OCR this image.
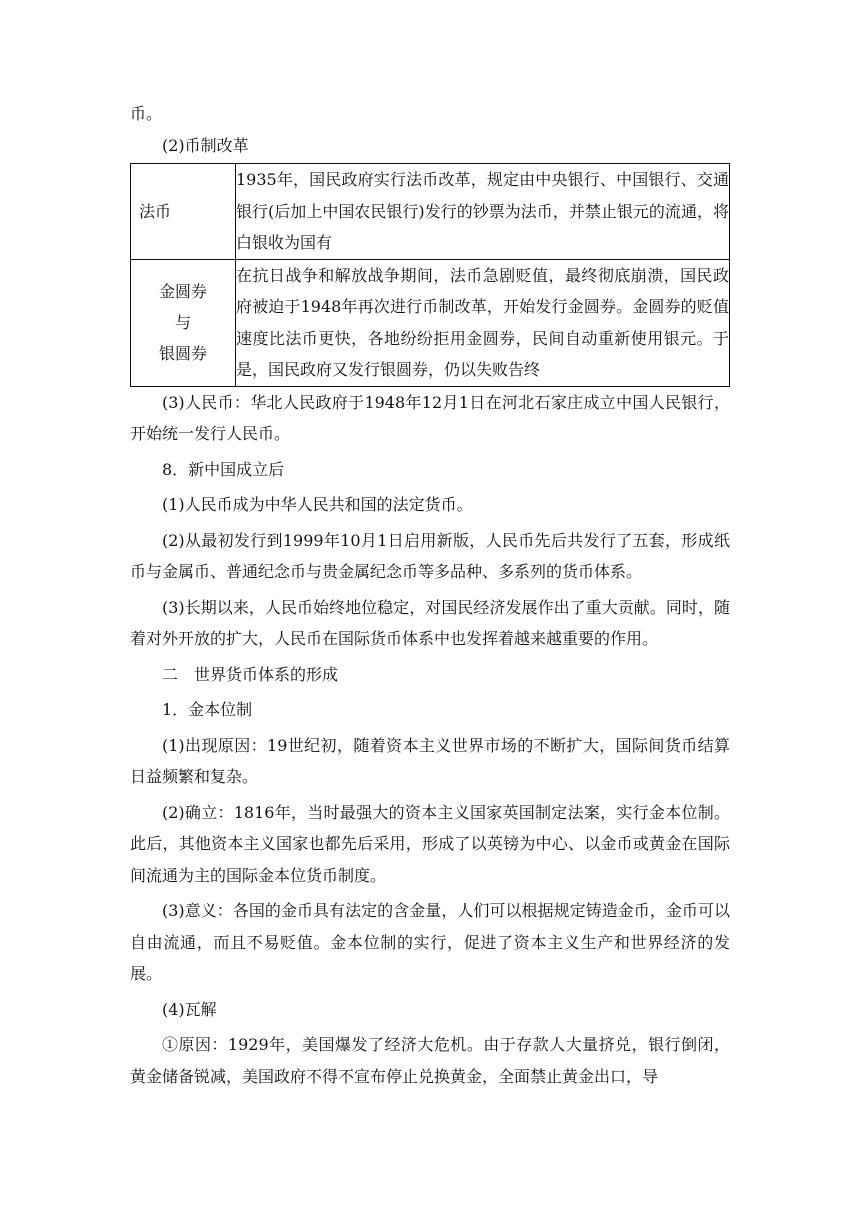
币。

(2)币制改革

法币	1935年，国民政府实行法币改革，规定由中央银行、中国银行、交通银行(后加上中国农民银行)发行的钞票为法币，并禁止银元的流通，将白银收为国有

金圆券
与
银圆券	在抗日战争和解放战争期间，法币急剧贬值，最终彻底崩溃，国民政府被迫于1948年再次进行币制改革，开始发行金圆券。金圆券的贬值速度比法币更快，各地纷纷拒用金圆券，民间自动重新使用银元。于是，国民政府又发行银圆券，仍以失败告终

(3)人民币：华北人民政府于1948年12月1日在河北石家庄成立中国人民银行，开始统一发行人民币。

8．新中国成立后

(1)人民币成为中华人民共和国的法定货币。

(2)从最初发行到1999年10月1日启用新版，人民币先后共发行了五套，形成纸币与金属币、普通纪念币与贵金属纪念币等多品种、多系列的货币体系。

(3)长期以来，人民币始终地位稳定，对国民经济发展作出了重大贡献。同时，随着对外开放的扩大，人民币在国际货币体系中也发挥着越来越重要的作用。

二　世界货币体系的形成

1．金本位制

(1)出现原因：19世纪初，随着资本主义世界市场的不断扩大，国际间货币结算日益频繁和复杂。

(2)确立：1816年，当时最强大的资本主义国家英国制定法案，实行金本位制。此后，其他资本主义国家也都先后采用，形成了以英镑为中心、以金币或黄金在国际间流通为主的国际金本位货币制度。

(3)意义：各国的金币具有法定的含金量，人们可以根据规定铸造金币，金币可以自由流通，而且不易贬值。金本位制的实行，促进了资本主义生产和世界经济的发展。

(4)瓦解

①原因：1929年，美国爆发了经济大危机。由于存款人大量挤兑，银行倒闭，黄金储备锐减，美国政府不得不宣布停止兑换黄金，全面禁止黄金出口，导
